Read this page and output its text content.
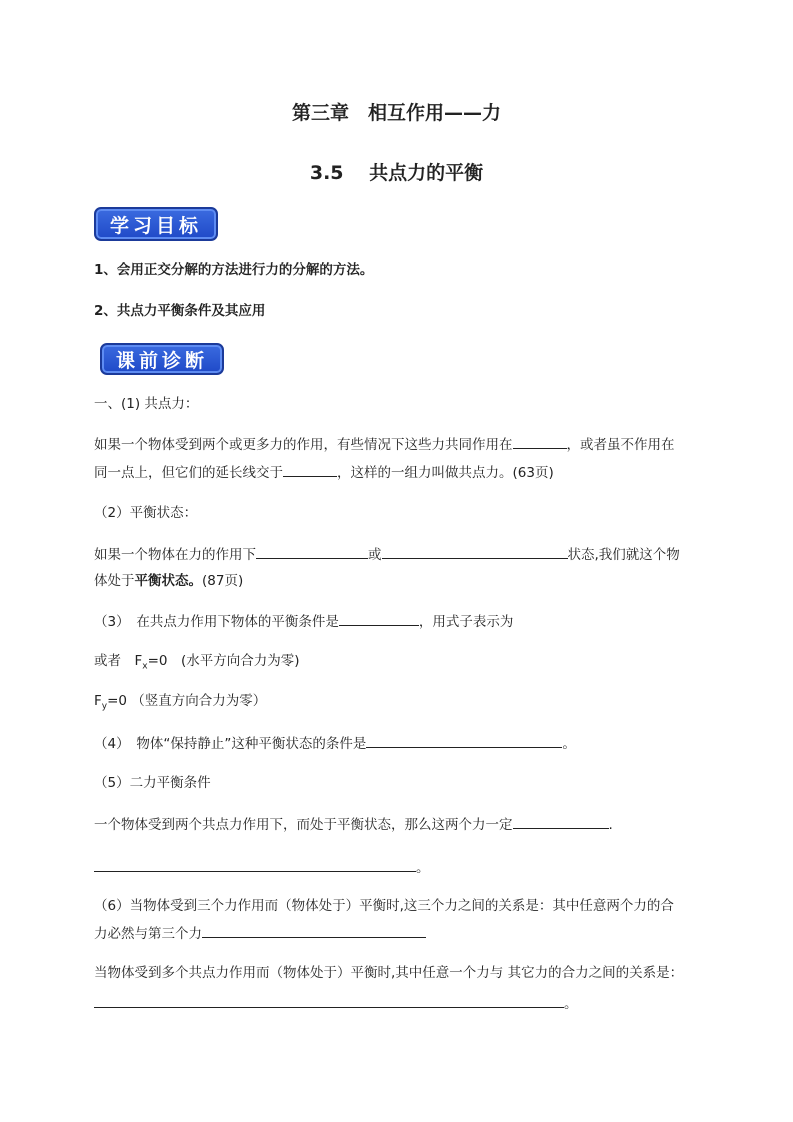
第三章　相互作用——力
3.5　 共点力的平衡
学习目标
1、会用正交分解的方法进行力的分解的方法。
2、共点力平衡条件及其应用
课前诊断
一、(1) 共点力：
如果一个物体受到两个或更多力的作用，有些情况下这些力共同作用在	，或者虽不作用在
同一点上，但它们的延长线交于	，这样的一组力叫做共点力。(63页)
（2）平衡状态：
如果一个物体在力的作用下	或	状态,我们就这个物
体处于平衡状态。(87页)
（3）　在共点力作用下物体的平衡条件是	，用式子表示为
或者　$F_x=0$　(水平方向合力为零)
$F_y=0$ （竖直方向合力为零）
（4）　物体“保持静止”这种平衡状态的条件是	。
（5）二力平衡条件
一个物体受到两个共点力作用下，而处于平衡状态，那么这两个力一定	.
。
（6）当物体受到三个力作用而（物体处于）平衡时,这三个力之间的关系是：其中任意两个力的合
力必然与第三个力
当物体受到多个共点力作用而（物体处于）平衡时,其中任意一个力与 其它力的合力之间的关系是：
。
